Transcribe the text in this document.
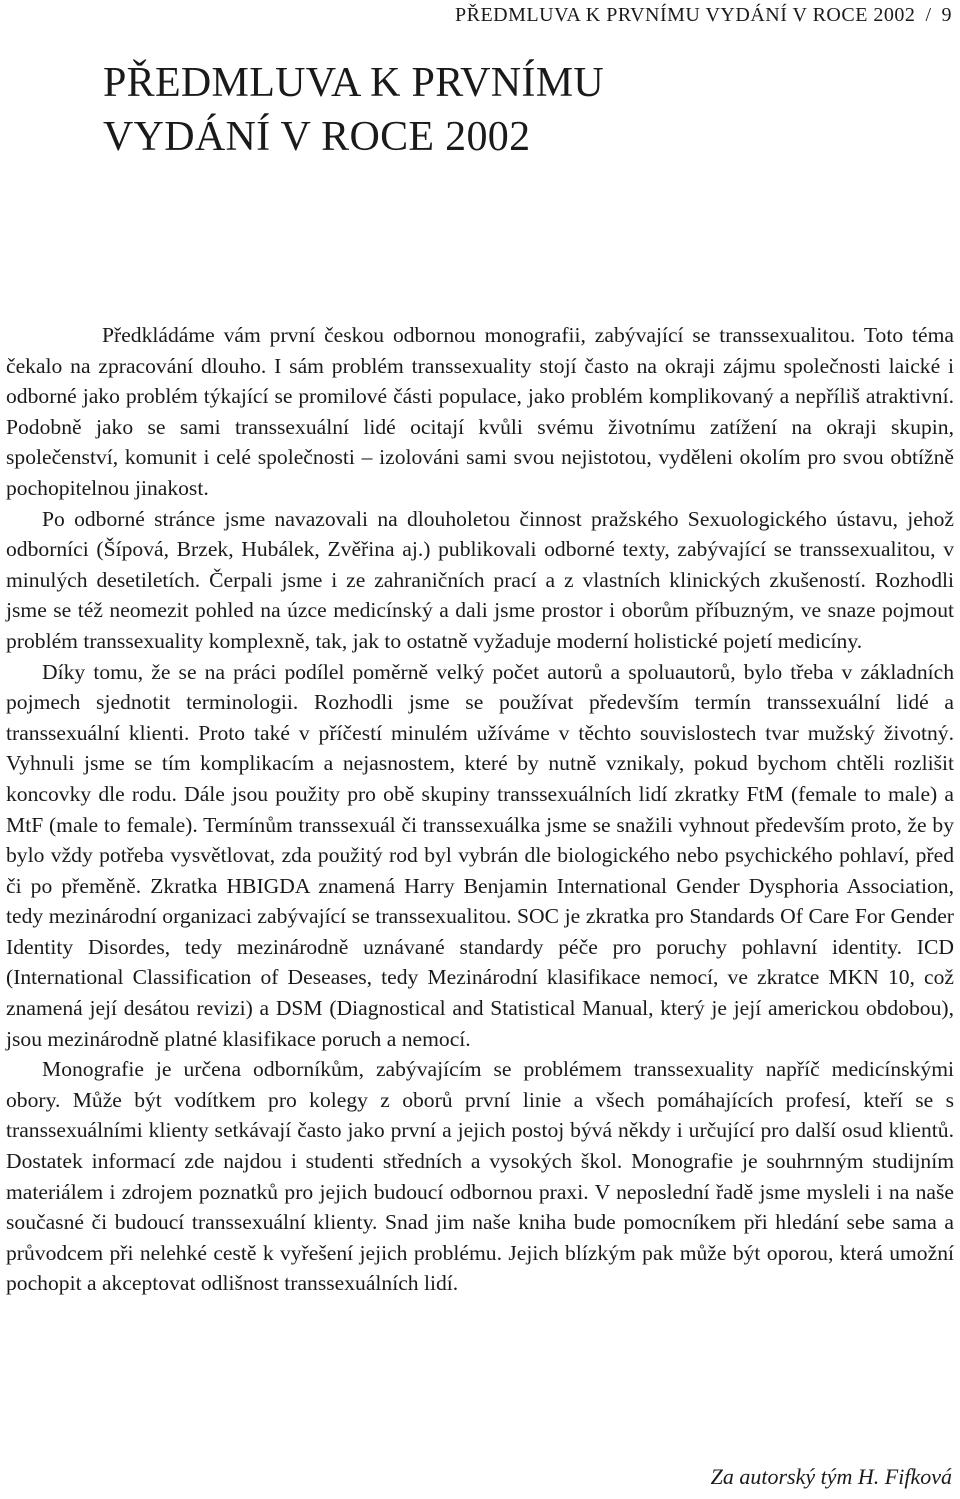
PŘEDMLUVA K PRVNÍMU VYDÁNÍ V ROCE 2002 / 9
PŘEDMLUVA K PRVNÍMU
VYDÁNÍ V ROCE 2002

Předkládáme vám první českou odbornou monografii, zabývající se transsexualitou. Toto téma čekalo na zpracování dlouho. I sám problém transsexuality stojí často na okraji zájmu společnosti laické i odborné jako problém týkající se promilové části populace, jako problém komplikovaný a nepříliš atraktivní. Podobně jako se sami transsexuální lidé ocitají kvůli svému životnímu zatížení na okraji skupin, společenství, komunit i celé společnosti – izolováni sami svou nejistotou, vyděleni okolím pro svou obtížně pochopitelnou jinakost.

Po odborné stránce jsme navazovali na dlouholetou činnost pražského Sexuologického ústavu, jehož odborníci (Šípová, Brzek, Hubálek, Zvěřina aj.) publikovali odborné texty, zabývající se transsexualitou, v minulých desetiletích. Čerpali jsme i ze zahraničních prací a z vlastních klinických zkušeností. Rozhodli jsme se též neomezit pohled na úzce medicínský a dali jsme prostor i oborům příbuzným, ve snaze pojmout problém transsexuality komplexně, tak, jak to ostatně vyžaduje moderní holistické pojetí medicíny.

Díky tomu, že se na práci podílel poměrně velký počet autorů a spoluautorů, bylo třeba v základních pojmech sjednotit terminologii. Rozhodli jsme se používat především termín transsexuální lidé a transsexuální klienti. Proto také v příčestí minulém užíváme v těchto souvislostech tvar mužský životný. Vyhnuli jsme se tím komplikacím a nejasnostem, které by nutně vznikaly, pokud bychom chtěli rozlišit koncovky dle rodu. Dále jsou použity pro obě skupiny transsexuálních lidí zkratky FtM (female to male) a MtF (male to female). Termínům transsexuál či transsexuálka jsme se snažili vyhnout především proto, že by bylo vždy potřeba vysvětlovat, zda použitý rod byl vybrán dle biologického nebo psychického pohlaví, před či po přeměně. Zkratka HBIGDA znamená Harry Benjamin International Gender Dysphoria Association, tedy mezinárodní organizaci zabývající se transsexualitou. SOC je zkratka pro Standards Of Care For Gender Identity Disordes, tedy mezinárodně uznávané standardy péče pro poruchy pohlavní identity. ICD (International Classification of Deseases, tedy Mezinárodní klasifikace nemocí, ve zkratce MKN 10, což znamená její desátou revizi) a DSM (Diagnostical and Statistical Manual, který je její americkou obdobou), jsou mezinárodně platné klasifikace poruch a nemocí.

Monografie je určena odborníkům, zabývajícím se problémem transsexuality napříč medicínskými obory. Může být vodítkem pro kolegy z oborů první linie a všech pomáhajících profesí, kteří se s transsexuálními klienty setkávají často jako první a jejich postoj bývá někdy i určující pro další osud klientů. Dostatek informací zde najdou i studenti středních a vysokých škol. Monografie je souhrnným studijním materiálem i zdrojem poznatků pro jejich budoucí odbornou praxi. V neposlední řadě jsme mysleli i na naše současné či budoucí transsexuální klienty. Snad jim naše kniha bude pomocníkem při hledání sebe sama a průvodcem při nelehké cestě k vyřešení jejich problému. Jejich blízkým pak může být oporou, která umožní pochopit a akceptovat odlišnost transsexuálních lidí.

Za autorský tým H. Fifková
